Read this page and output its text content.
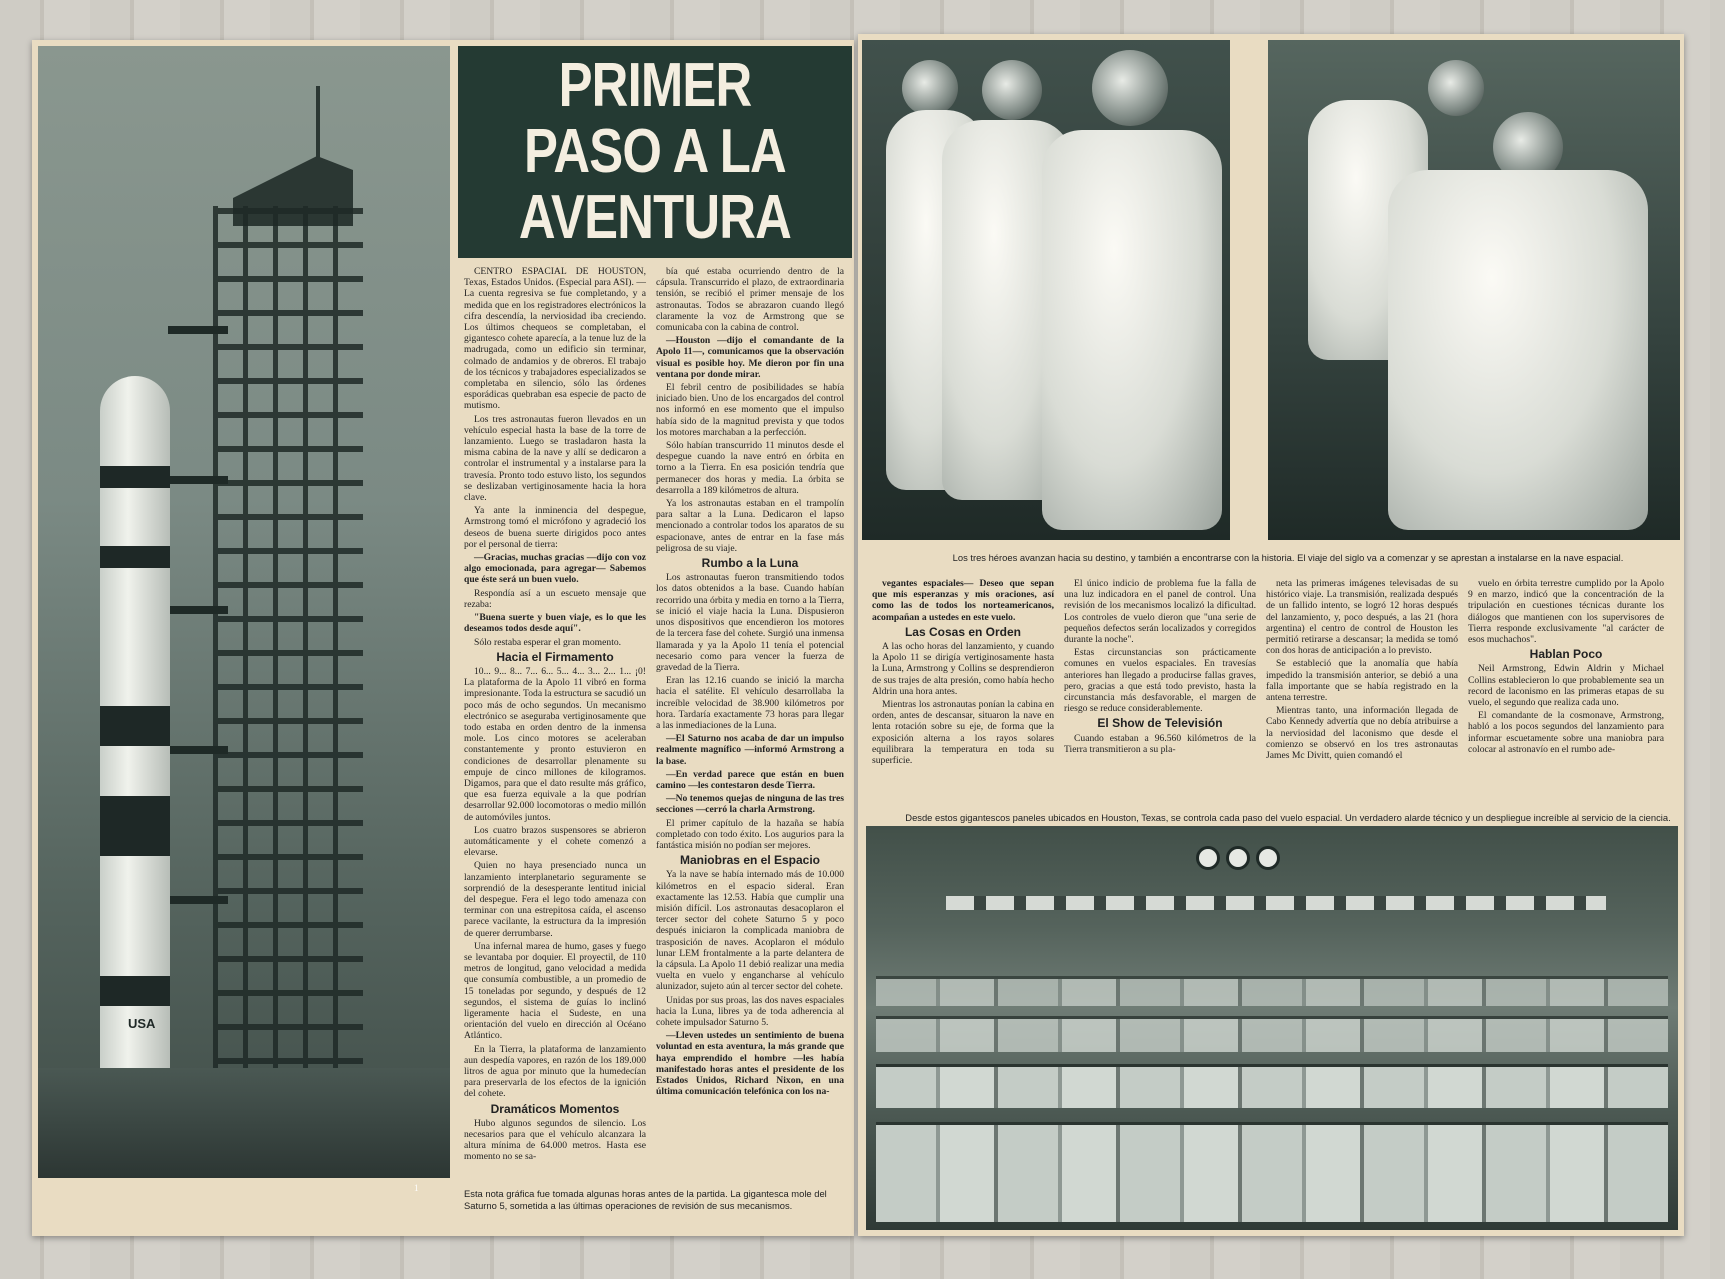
USA
1
PRIMER PASO A LA AVENTURA

CENTRO ESPACIAL DE HOUSTON, Texas, Estados Unidos. (Especial para ASI). — La cuenta regresiva se fue completando, y a medida que en los registradores electrónicos la cifra descendía, la nerviosidad iba creciendo. Los últimos chequeos se completaban, el gigantesco cohete aparecía, a la tenue luz de la madrugada, como un edificio sin terminar, colmado de andamios y de obreros. El trabajo de los técnicos y trabajadores especializados se completaba en silencio, sólo las órdenes esporádicas quebraban esa especie de pacto de mutismo.

Los tres astronautas fueron llevados en un vehículo especial hasta la base de la torre de lanzamiento. Luego se trasladaron hasta la misma cabina de la nave y allí se dedicaron a controlar el instrumental y a instalarse para la travesía. Pronto todo estuvo listo, los segundos se deslizaban vertiginosamente hacia la hora clave.

Ya ante la inminencia del despegue, Armstrong tomó el micrófono y agradeció los deseos de buena suerte dirigidos poco antes por el personal de tierra:

—Gracias, muchas gracias —dijo con voz algo emocionada, para agregar— Sabemos que éste será un buen vuelo.

Respondía así a un escueto mensaje que rezaba:

"Buena suerte y buen viaje, es lo que les deseamos todos desde aquí".

Sólo restaba esperar el gran momento.

Hacia el Firmamento

10... 9... 8... 7... 6... 5... 4... 3... 2... 1... ¡0! La plataforma de la Apolo 11 vibró en forma impresionante. Toda la estructura se sacudió un poco más de ocho segundos. Un mecanismo electrónico se aseguraba vertiginosamente que todo estaba en orden dentro de la inmensa mole. Los cinco motores se aceleraban constantemente y pronto estuvieron en condiciones de desarrollar plenamente su empuje de cinco millones de kilogramos. Digamos, para que el dato resulte más gráfico, que esa fuerza equivale a la que podrían desarrollar 92.000 locomotoras o medio millón de automóviles juntos.

Los cuatro brazos suspensores se abrieron automáticamente y el cohete comenzó a elevarse.

Quien no haya presenciado nunca un lanzamiento interplanetario seguramente se sorprendió de la desesperante lentitud inicial del despegue. Fera el lego todo amenaza con terminar con una estrepitosa caída, el ascenso parece vacilante, la estructura da la impresión de querer derrumbarse.

Una infernal marea de humo, gases y fuego se levantaba por doquier. El proyectil, de 110 metros de longitud, gano velocidad a medida que consumía combustible, a un promedio de 15 toneladas por segundo, y después de 12 segundos, el sistema de guías lo inclinó ligeramente hacia el Sudeste, en una orientación del vuelo en dirección al Océano Atlántico.

En la Tierra, la plataforma de lanzamiento aun despedía vapores, en razón de los 189.000 litros de agua por minuto que la humedecían para preservarla de los efectos de la ignición del cohete.

Dramáticos Momentos

Hubo algunos segundos de silencio. Los necesarios para que el vehículo alcanzara la altura mínima de 64.000 metros. Hasta ese momento no se sa-

bía qué estaba ocurriendo dentro de la cápsula. Transcurrido el plazo, de extraordinaria tensión, se recibió el primer mensaje de los astronautas. Todos se abrazaron cuando llegó claramente la voz de Armstrong que se comunicaba con la cabina de control.

—Houston —dijo el comandante de la Apolo 11—, comunicamos que la observación visual es posible hoy. Me dieron por fin una ventana por donde mirar.

El febril centro de posibilidades se había iniciado bien. Uno de los encargados del control nos informó en ese momento que el impulso había sido de la magnitud prevista y que todos los motores marchaban a la perfección.

Sólo habían transcurrido 11 minutos desde el despegue cuando la nave entró en órbita en torno a la Tierra. En esa posición tendría que permanecer dos horas y media. La órbita se desarrolla a 189 kilómetros de altura.

Ya los astronautas estaban en el trampolín para saltar a la Luna. Dedicaron el lapso mencionado a controlar todos los aparatos de su espacionave, antes de entrar en la fase más peligrosa de su viaje.

Rumbo a la Luna

Los astronautas fueron transmitiendo todos los datos obtenidos a la base. Cuando habían recorrido una órbita y media en torno a la Tierra, se inició el viaje hacia la Luna. Dispusieron unos dispositivos que encendieron los motores de la tercera fase del cohete. Surgió una inmensa llamarada y ya la Apolo 11 tenía el potencial necesario como para vencer la fuerza de gravedad de la Tierra.

Eran las 12.16 cuando se inició la marcha hacia el satélite. El vehículo desarrollaba la increíble velocidad de 38.900 kilómetros por hora. Tardaría exactamente 73 horas para llegar a las inmediaciones de la Luna.

—El Saturno nos acaba de dar un impulso realmente magnífico —informó Armstrong a la base.

—En verdad parece que están en buen camino —les contestaron desde Tierra.

—No tenemos quejas de ninguna de las tres secciones —cerró la charla Armstrong.

El primer capítulo de la hazaña se había completado con todo éxito. Los augurios para la fantástica misión no podían ser mejores.

Maniobras en el Espacio

Ya la nave se había internado más de 10.000 kilómetros en el espacio sideral. Eran exactamente las 12.53. Había que cumplir una misión difícil. Los astronautas desacoplaron el tercer sector del cohete Saturno 5 y poco después iniciaron la complicada maniobra de trasposición de naves. Acoplaron el módulo lunar LEM frontalmente a la parte delantera de la cápsula. La Apolo 11 debió realizar una media vuelta en vuelo y engancharse al vehículo alunizador, sujeto aún al tercer sector del cohete.

Unidas por sus proas, las dos naves espaciales hacia la Luna, libres ya de toda adherencia al cohete impulsador Saturno 5.

—Lleven ustedes un sentimiento de buena voluntad en esta aventura, la más grande que haya emprendido el hombre —les había manifestado horas antes el presidente de los Estados Unidos, Richard Nixon, en una última comunicación telefónica con los na-

Esta nota gráfica fue tomada algunas horas antes de la partida. La gigantesca mole del Saturno 5, sometida a las últimas operaciones de revisión de sus mecanismos.
Los tres héroes avanzan hacia su destino, y también a encontrarse con la historia. El viaje del siglo va a comenzar y se aprestan a instalarse en la nave espacial.

vegantes espaciales— Deseo que sepan que mis esperanzas y mis oraciones, así como las de todos los norteamericanos, acompañan a ustedes en este vuelo.

Las Cosas en Orden

A las ocho horas del lanzamiento, y cuando la Apolo 11 se dirigía vertiginosamente hasta la Luna, Armstrong y Collins se desprendieron de sus trajes de alta presión, como había hecho Aldrin una hora antes.

Mientras los astronautas ponían la cabina en orden, antes de descansar, situaron la nave en lenta rotación sobre su eje, de forma que la exposición alterna a los rayos solares equilibrara la temperatura en toda su superficie.

El único indicio de problema fue la falla de una luz indicadora en el panel de control. Una revisión de los mecanismos localizó la dificultad. Los controles de vuelo dieron que "una serie de pequeños defectos serán localizados y corregidos durante la noche".

Estas circunstancias son prácticamente comunes en vuelos espaciales. En travesías anteriores han llegado a producirse fallas graves, pero, gracias a que está todo previsto, hasta la circunstancia más desfavorable, el margen de riesgo se reduce considerablemente.

El Show de Televisión

Cuando estaban a 96.560 kilómetros de la Tierra transmitieron a su pla-

neta las primeras imágenes televisadas de su histórico viaje. La transmisión, realizada después de un fallido intento, se logró 12 horas después del lanzamiento, y, poco después, a las 21 (hora argentina) el centro de control de Houston les permitió retirarse a descansar; la medida se tomó con dos horas de anticipación a lo previsto.

Se estableció que la anomalía que había impedido la transmisión anterior, se debió a una falla importante que se había registrado en la antena terrestre.

Mientras tanto, una información llegada de Cabo Kennedy advertía que no debía atribuirse a la nerviosidad del laconismo que desde el comienzo se observó en los tres astronautas James Mc Divitt, quien comandó el

vuelo en órbita terrestre cumplido por la Apolo 9 en marzo, indicó que la concentración de la tripulación en cuestiones técnicas durante los diálogos que mantienen con los supervisores de Tierra responde exclusivamente "al carácter de esos muchachos".

Hablan Poco

Neil Armstrong, Edwin Aldrin y Michael Collins establecieron lo que probablemente sea un record de laconismo en las primeras etapas de su vuelo, el segundo que realiza cada uno.

El comandante de la cosmonave, Armstrong, habló a los pocos segundos del lanzamiento para informar escuetamente sobre una maniobra para colocar al astronavío en el rumbo ade-

Desde estos gigantescos paneles ubicados en Houston, Texas, se controla cada paso del vuelo espacial. Un verdadero alarde técnico y un despliegue increíble al servicio de la ciencia.
